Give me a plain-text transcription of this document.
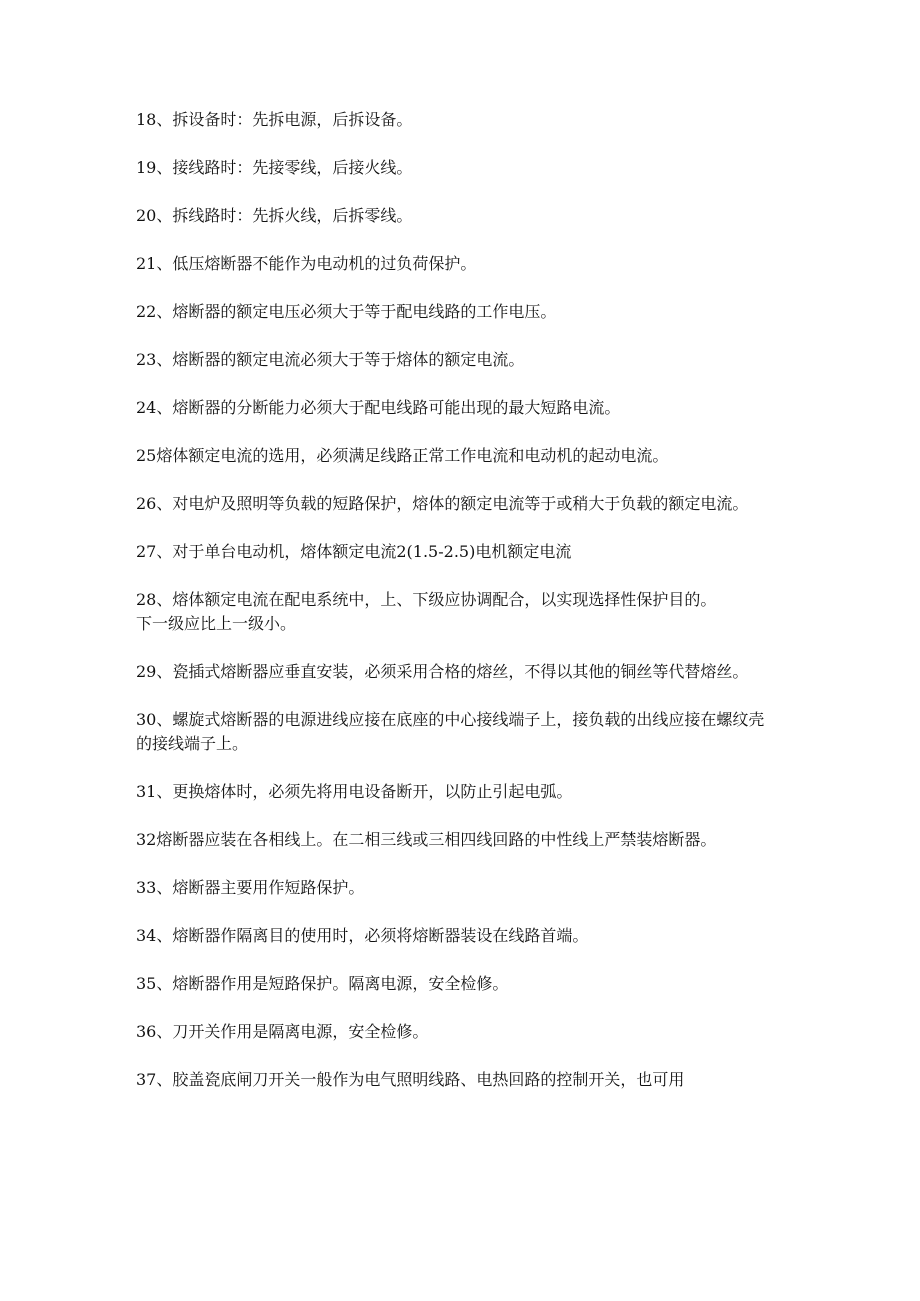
18、拆设备时：先拆电源，后拆设备。

19、接线路时：先接零线，后接火线。

20、拆线路时：先拆火线，后拆零线。

21、低压熔断器不能作为电动机的过负荷保护。

22、熔断器的额定电压必须大于等于配电线路的工作电压。

23、熔断器的额定电流必须大于等于熔体的额定电流。

24、熔断器的分断能力必须大于配电线路可能出现的最大短路电流。

25熔体额定电流的选用，必须满足线路正常工作电流和电动机的起动电流。

26、对电炉及照明等负载的短路保护，熔体的额定电流等于或稍大于负载的额定电流。

27、对于单台电动机，熔体额定电流2(1.5-2.5)电机额定电流

28、熔体额定电流在配电系统中，上、下级应协调配合，以实现选择性保护目的。
下一级应比上一级小。

29、瓷插式熔断器应垂直安装，必须采用合格的熔丝，不得以其他的铜丝等代替熔丝。

30、螺旋式熔断器的电源进线应接在底座的中心接线端子上，接负载的出线应接在螺纹壳的接线端子上。

31、更换熔体时，必须先将用电设备断开，以防止引起电弧。

32熔断器应装在各相线上。在二相三线或三相四线回路的中性线上严禁装熔断器。

33、熔断器主要用作短路保护。

34、熔断器作隔离目的使用时，必须将熔断器装设在线路首端。

35、熔断器作用是短路保护。隔离电源，安全检修。

36、刀开关作用是隔离电源，安全检修。

37、胶盖瓷底闸刀开关一般作为电气照明线路、电热回路的控制开关，也可用
